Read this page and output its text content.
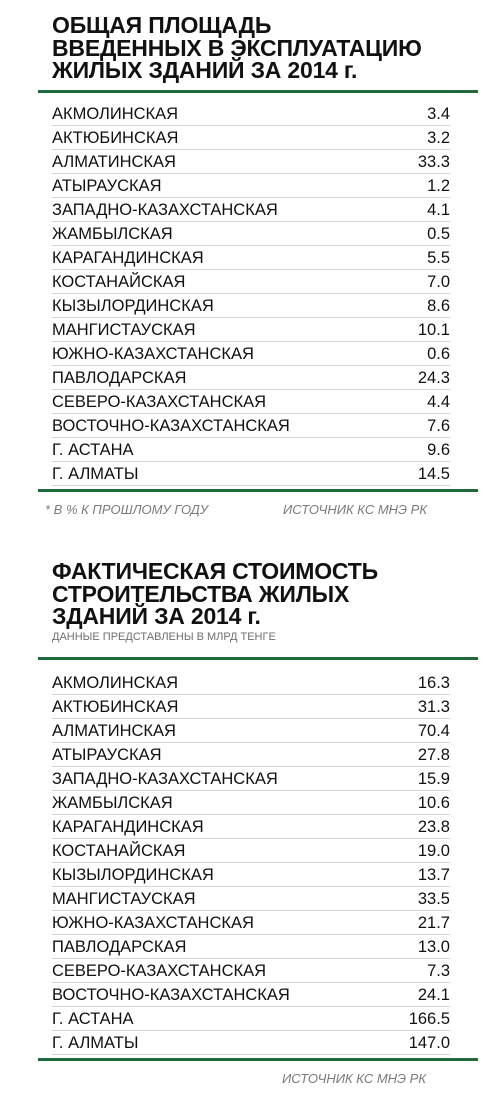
ОБЩАЯ ПЛОЩАДЬ
ВВЕДЕННЫХ В ЭКСПЛУАТАЦИЮ
ЖИЛЫХ ЗДАНИЙ ЗА 2014 г.
АКМОЛИНСКАЯ	3.4
АКТЮБИНСКАЯ	3.2
АЛМАТИНСКАЯ	33.3
АТЫРАУСКАЯ	1.2
ЗАПАДНО-КАЗАХСТАНСКАЯ	4.1
ЖАМБЫЛСКАЯ	0.5
КАРАГАНДИНСКАЯ	5.5
КОСТАНАЙСКАЯ	7.0
КЫЗЫЛОРДИНСКАЯ	8.6
МАНГИСТАУСКАЯ	10.1
ЮЖНО-КАЗАХСТАНСКАЯ	0.6
ПАВЛОДАРСКАЯ	24.3
СЕВЕРО-КАЗАХСТАНСКАЯ	4.4
ВОСТОЧНО-КАЗАХСТАНСКАЯ	7.6
Г. АСТАНА	9.6
Г. АЛМАТЫ	14.5
* В % К ПРОШЛОМУ ГОДУ	ИСТОЧНИК КС МНЭ РК
ФАКТИЧЕСКАЯ СТОИМОСТЬ
СТРОИТЕЛЬСТВА ЖИЛЫХ
ЗДАНИЙ ЗА 2014 г.
ДАННЫЕ ПРЕДСТАВЛЕНЫ В МЛРД ТЕНГЕ
АКМОЛИНСКАЯ	16.3
АКТЮБИНСКАЯ	31.3
АЛМАТИНСКАЯ	70.4
АТЫРАУСКАЯ	27.8
ЗАПАДНО-КАЗАХСТАНСКАЯ	15.9
ЖАМБЫЛСКАЯ	10.6
КАРАГАНДИНСКАЯ	23.8
КОСТАНАЙСКАЯ	19.0
КЫЗЫЛОРДИНСКАЯ	13.7
МАНГИСТАУСКАЯ	33.5
ЮЖНО-КАЗАХСТАНСКАЯ	21.7
ПАВЛОДАРСКАЯ	13.0
СЕВЕРО-КАЗАХСТАНСКАЯ	7.3
ВОСТОЧНО-КАЗАХСТАНСКАЯ	24.1
Г. АСТАНА	166.5
Г. АЛМАТЫ	147.0
ИСТОЧНИК КС МНЭ РК
